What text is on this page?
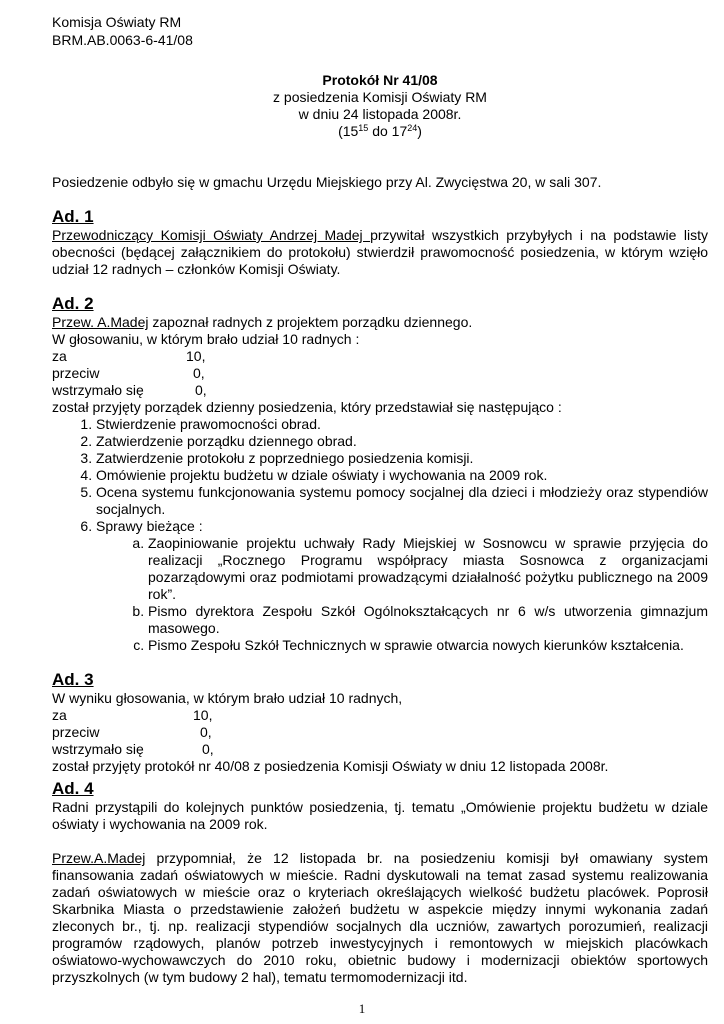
Komisja Oświaty RM
BRM.AB.0063-6-41/08
Protokół Nr 41/08
z posiedzenia Komisji Oświaty RM
w dniu 24 listopada 2008r.
($15^{15}$ do $17^{24}$)

Posiedzenie odbyło się w gmachu Urzędu Miejskiego przy Al. Zwycięstwa 20, w sali 307.

Ad. 1

Przewodniczący Komisji Oświaty Andrzej Madej przywitał wszystkich przybyłych i na podstawie listy obecności (będącej załącznikiem do protokołu) stwierdził prawomocność posiedzenia, w którym wzięło udział 12 radnych – członków Komisji Oświaty.

Ad. 2
Przew. A.Madej zapoznał radnych z projektem porządku dziennego.
W głosowaniu, w którym brało udział 10 radnych :
za	10,
przeciw	0,
wstrzymało się	0,
został przyjęty porządek dzienny posiedzenia, który przedstawiał się następująco :
1. Stwierdzenie prawomocności obrad.
2. Zatwierdzenie porządku dziennego obrad.
3. Zatwierdzenie protokołu z poprzedniego posiedzenia komisji.
4. Omówienie projektu budżetu w dziale oświaty i wychowania na 2009 rok.
5. Ocena systemu funkcjonowania systemu pomocy socjalnej dla dzieci i młodzieży oraz stypendiów socjalnych.
6. Sprawy bieżące :
a. Zaopiniowanie projektu uchwały Rady Miejskiej w Sosnowcu w sprawie przyjęcia do realizacji „Rocznego Programu współpracy miasta Sosnowca z organizacjami pozarządowymi oraz podmiotami prowadzącymi działalność pożytku publicznego na 2009 rok”.
b. Pismo dyrektora Zespołu Szkół Ogólnokształcących nr 6 w/s utworzenia gimnazjum masowego.
c. Pismo Zespołu Szkół Technicznych w sprawie otwarcia nowych kierunków kształcenia.
Ad. 3
W wyniku głosowania, w którym brało udział 10 radnych,
za	10,
przeciw	0,
wstrzymało się	0,
został przyjęty protokół nr 40/08 z posiedzenia Komisji Oświaty w dniu 12 listopada 2008r.
Ad. 4

Radni przystąpili do kolejnych punktów posiedzenia, tj. tematu „Omówienie projektu budżetu w dziale oświaty i wychowania na 2009 rok.

Przew.A.Madej przypomniał, że 12 listopada br. na posiedzeniu komisji był omawiany system finansowania zadań oświatowych w mieście. Radni dyskutowali na temat zasad systemu realizowania zadań oświatowych w mieście oraz o kryteriach określających wielkość budżetu placówek. Poprosił Skarbnika Miasta o przedstawienie założeń budżetu w aspekcie między innymi wykonania zadań zleconych br., tj. np. realizacji stypendiów socjalnych dla uczniów, zawartych porozumień, realizacji programów rządowych, planów potrzeb inwestycyjnych i remontowych w miejskich placówkach oświatowo-wychowawczych do 2010 roku, obietnic budowy i modernizacji obiektów sportowych przyszkolnych (w tym budowy 2 hal), tematu termomodernizacji itd.

1
